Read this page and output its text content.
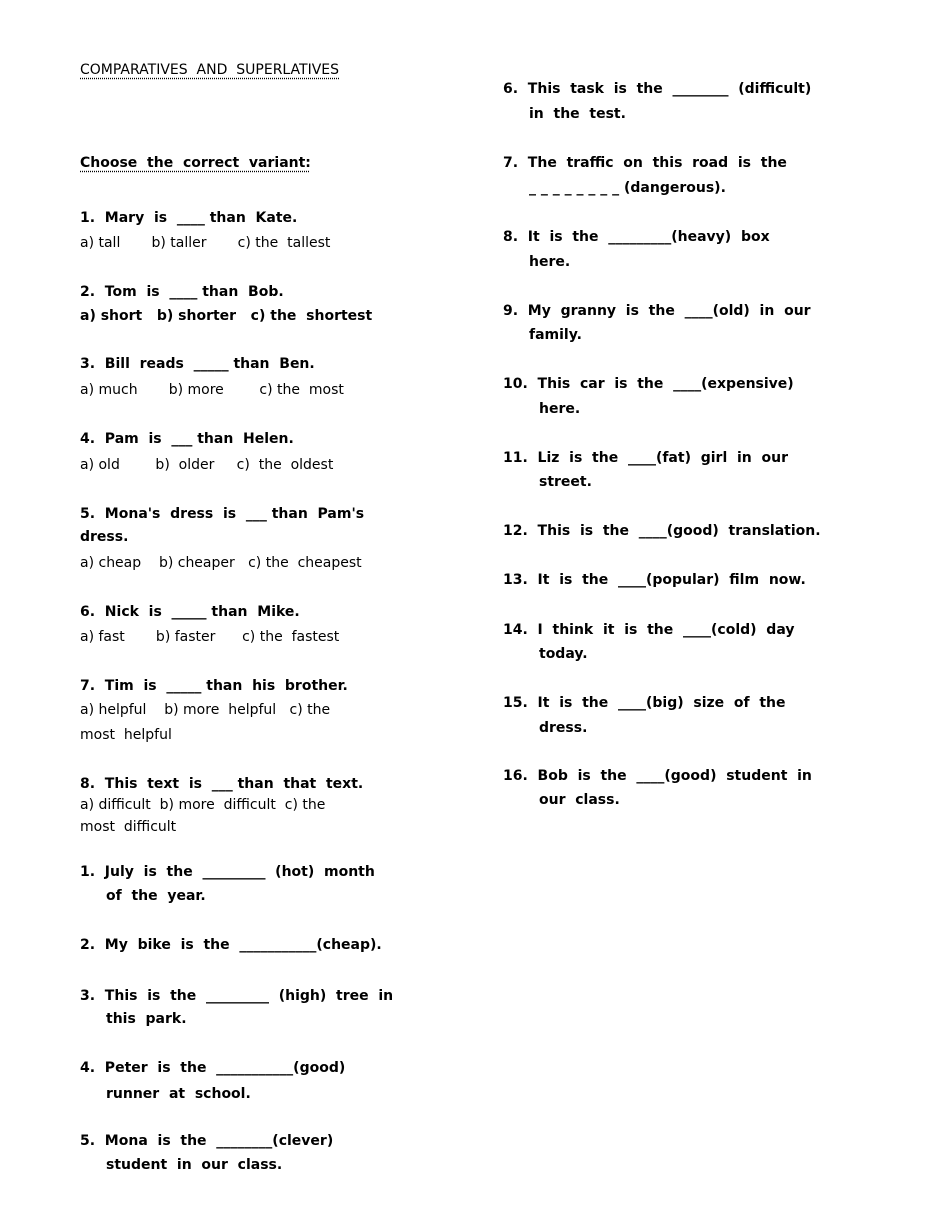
COMPARATIVES  AND  SUPERLATIVES
Choose  the  correct  variant:
1.  Mary  is  ____ than  Kate.
a) tall       b) taller       c) the  tallest
2.  Tom  is  ____ than  Bob.
a) short   b) shorter   c) the  shortest
3.  Bill  reads  _____ than  Ben.
a) much       b) more        c) the  most
4.  Pam  is  ___ than  Helen.
a) old        b)  older     c)  the  oldest
5.  Mona's  dress  is  ___ than  Pam's
dress.
a) cheap    b) cheaper   c) the  cheapest
6.  Nick  is  _____ than  Mike.
a) fast       b) faster      c) the  fastest
7.  Tim  is  _____ than  his  brother.
a) helpful    b) more  helpful   c) the
most  helpful
8.  This  text  is  ___ than  that  text.
a) difficult  b) more  difficult  c) the
most  difficult
1.  July  is  the  _________  (hot)  month
of  the  year.
2.  My  bike  is  the  ___________(cheap).
3.  This  is  the  _________  (high)  tree  in
this  park.
4.  Peter  is  the  ___________(good)
runner  at  school.
5.  Mona  is  the  ________(clever)
student  in  our  class.
6.  This  task  is  the  ________  (difficult)
in  the  test.
7.  The  traffic  on  this  road  is  the
_ _ _ _ _ _ _ _ (dangerous).
8.  It  is  the  _________(heavy)  box
here.
9.  My  granny  is  the  ____(old)  in  our
family.
10.  This  car  is  the  ____(expensive)
here.
11.  Liz  is  the  ____(fat)  girl  in  our
street.
12.  This  is  the  ____(good)  translation.
13.  It  is  the  ____(popular)  film  now.
14.  I  think  it  is  the  ____(cold)  day
today.
15.  It  is  the  ____(big)  size  of  the
dress.
16.  Bob  is  the  ____(good)  student  in
our  class.
